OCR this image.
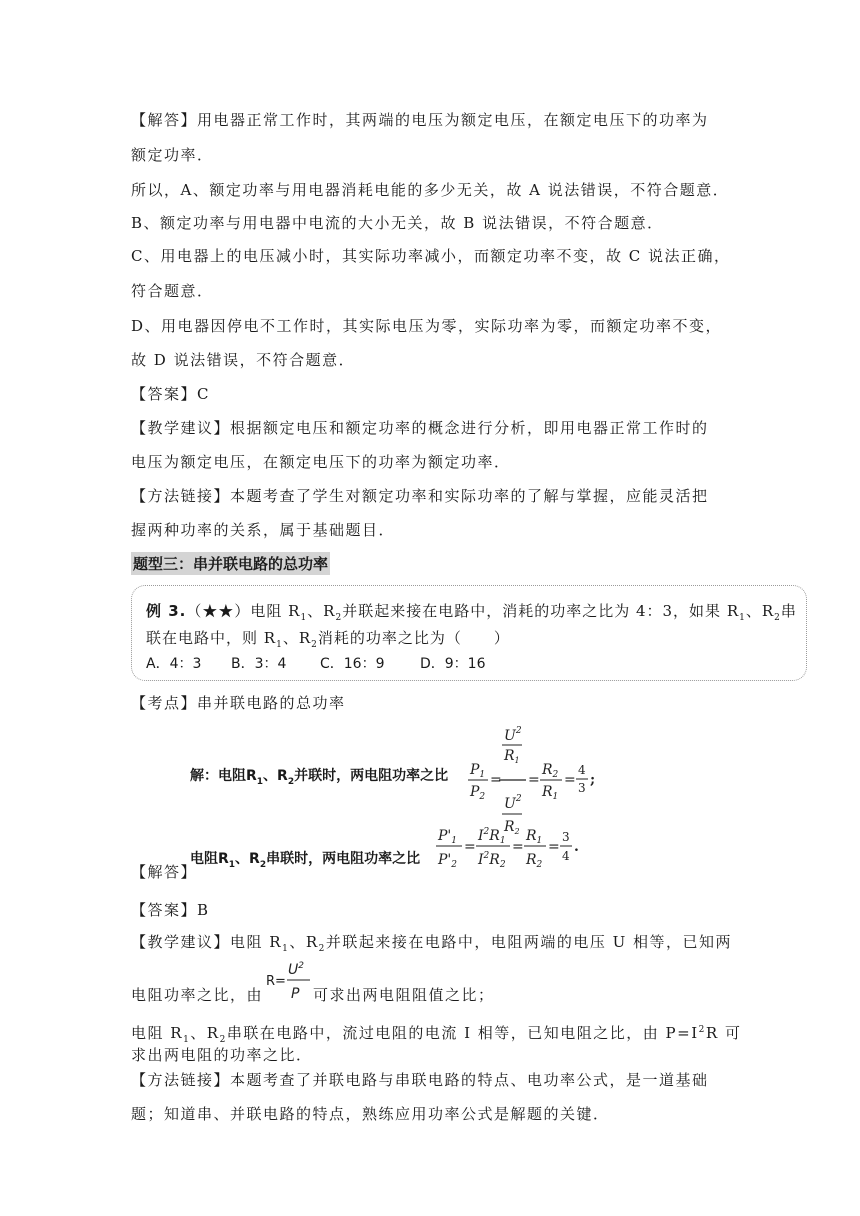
【解答】用电器正常工作时，其两端的电压为额定电压，在额定电压下的功率为
额定功率．
所以，A、额定功率与用电器消耗电能的多少无关，故 A 说法错误，不符合题意．
B、额定功率与用电器中电流的大小无关，故 B 说法错误，不符合题意．
C、用电器上的电压减小时，其实际功率减小，而额定功率不变，故 C 说法正确，
符合题意．
D、用电器因停电不工作时，其实际电压为零，实际功率为零，而额定功率不变，
故 D 说法错误，不符合题意．
【答案】C
【教学建议】根据额定电压和额定功率的概念进行分析，即用电器正常工作时的
电压为额定电压，在额定电压下的功率为额定功率．
【方法链接】本题考查了学生对额定功率和实际功率的了解与掌握，应能灵活把
握两种功率的关系，属于基础题目．
题型三：串并联电路的总功率
例 3.（★★）电阻 $R_1$、$R_2$并联起来接在电路中，消耗的功率之比为 4：3，如果 $R_1$、$R_2$串
联在电路中，则 $R_1$、$R_2$消耗的功率之比为（　　）
A．4：3 B．3：4 C．16：9	D．9：16
【考点】串并联电路的总功率
解：电阻$R_1$、$R_2$并联时，两电阻功率之比 $P_1$
$P_2$
=
$U^2$
$R_1$
$U^2$
$R_2$
=
$R_2$
$R_1$
=
4
3 ;
电阻$R_1$、$R_2$串联时，两电阻功率之比
$P'_1$
$P'_2$
=
$I^2R_1$
$I^2R_2$
=
$R_1$
$R_2$
=
3
4
.
【解答】
【答案】B
【教学建议】电阻 $R_1$、$R_2$并联起来接在电路中，电阻两端的电压 U 相等，已知两
电阻功率之比，由
R=
$U^2$
P 可求出两电阻阻值之比；
电阻 $R_1$、$R_2$串联在电路中，流过电阻的电流 I 相等，已知电阻之比，由 $P=I^2R$ 可
求出两电阻的功率之比．
【方法链接】本题考查了并联电路与串联电路的特点、电功率公式，是一道基础
题；知道串、并联电路的特点，熟练应用功率公式是解题的关键．
